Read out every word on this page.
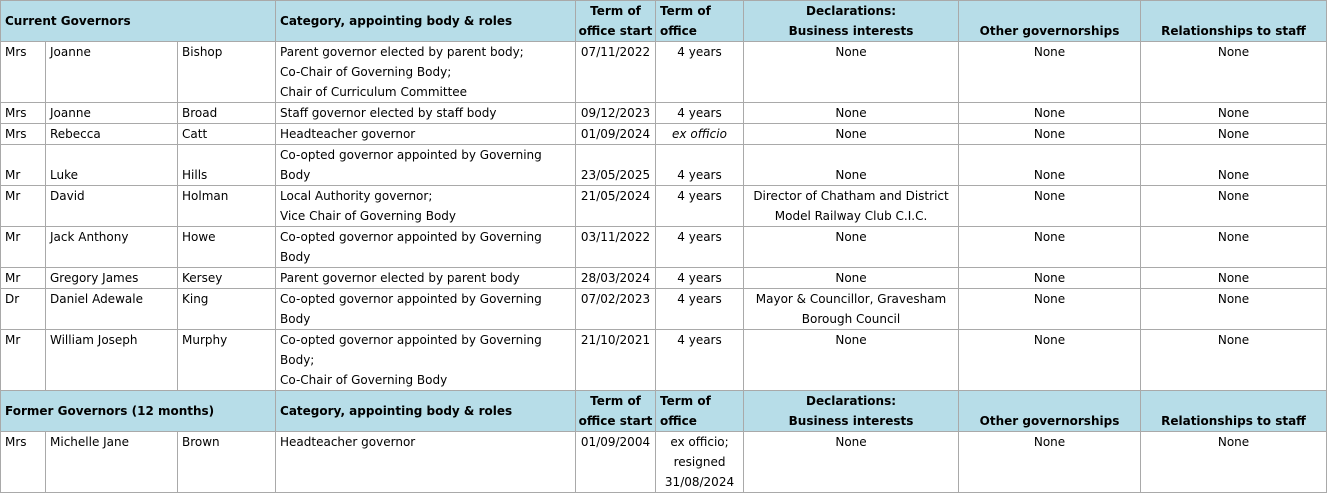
Current Governors			Category, appointing body & roles	Term of
office start	Term of
office	Declarations:
Business interests	Other governorships	Relationships to staff

Mrs	Joanne	Bishop	Parent governor elected by parent body;
Co-Chair of Governing Body;
Chair of Curriculum Committee	07/11/2022	4 years	None	None	None

Mrs	Joanne	Broad	Staff governor elected by staff body	09/12/2023	4 years	None	None	None

Mrs	Rebecca	Catt	Headteacher governor	01/09/2024	ex officio	None	None	None

Mr	Luke	Hills	Co-opted governor appointed by Governing
Body	23/05/2025	4 years	None	None	None

Mr	David	Holman	Local Authority governor;
Vice Chair of Governing Body	21/05/2024	4 years	Director of Chatham and District
Model Railway Club C.I.C.	None	None

Mr	Jack Anthony	Howe	Co-opted governor appointed by Governing
Body	03/11/2022	4 years	None	None	None

Mr	Gregory James	Kersey	Parent governor elected by parent body	28/03/2024	4 years	None	None	None

Dr	Daniel Adewale	King	Co-opted governor appointed by Governing
Body	07/02/2023	4 years	Mayor & Councillor, Gravesham
Borough Council	None	None

Mr	William Joseph	Murphy	Co-opted governor appointed by Governing
Body;
Co-Chair of Governing Body	21/10/2021	4 years	None	None	None

Former Governors (12 months)			Category, appointing body & roles	Term of
office start	Term of
office	Declarations:
Business interests	Other governorships	Relationships to staff

Mrs	Michelle Jane	Brown	Headteacher governor	01/09/2004	ex officio;
resigned
31/08/2024	None	None	None
